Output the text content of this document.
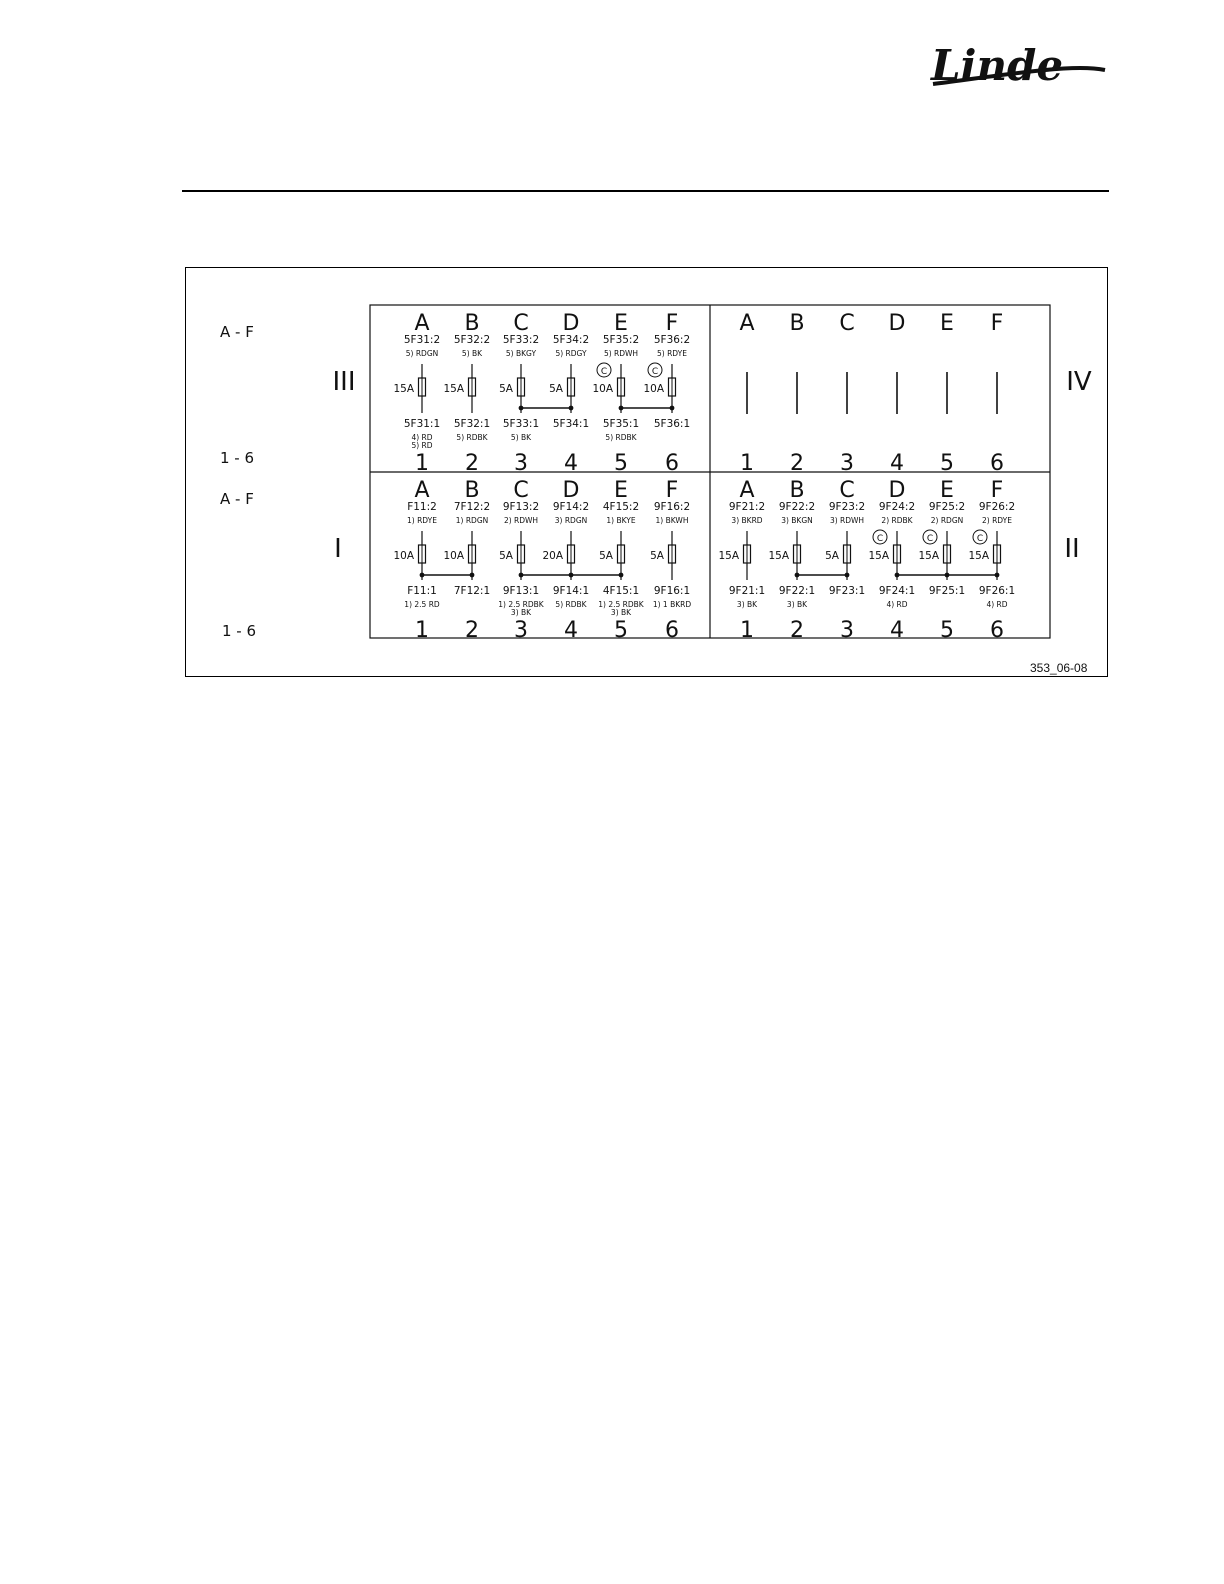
Linde
A - F
1 - 6
A - F
1 - 6
III
A
1
5F31:2
5) RDGN
15A
5F31:1
4) RD
5) RD
B
2
5F32:2
5) BK
15A
5F32:1
5) RDBK
C
3
5F33:2
5) BKGY
5A
5F33:1
5) BK
D
4
5F34:2
5) RDGY
5A
5F34:1
E
5
5F35:2
5) RDWH
10A
C
5F35:1
5) RDBK
F
6
5F36:2
5) RDYE
10A
C
5F36:1
IV
A
1
B
2
C
3
D
4
E
5
F
6
I
A
1
F11:2
1) RDYE
10A
F11:1
1) 2.5 RD
B
2
7F12:2
1) RDGN
10A
7F12:1
C
3
9F13:2
2) RDWH
5A
9F13:1
1) 2.5 RDBK
3) BK
D
4
9F14:2
3) RDGN
20A
9F14:1
5) RDBK
E
5
4F15:2
1) BKYE
5A
4F15:1
1) 2.5 RDBK
3) BK
F
6
9F16:2
1) BKWH
5A
9F16:1
1) 1 BKRD
II
A
1
9F21:2
3) BKRD
15A
9F21:1
3) BK
B
2
9F22:2
3) BKGN
15A
9F22:1
3) BK
C
3
9F23:2
3) RDWH
5A
9F23:1
D
4
9F24:2
2) RDBK
15A
C
9F24:1
4) RD
E
5
9F25:2
2) RDGN
15A
C
9F25:1
F
6
9F26:2
2) RDYE
15A
C
9F26:1
4) RD
353_06-08
